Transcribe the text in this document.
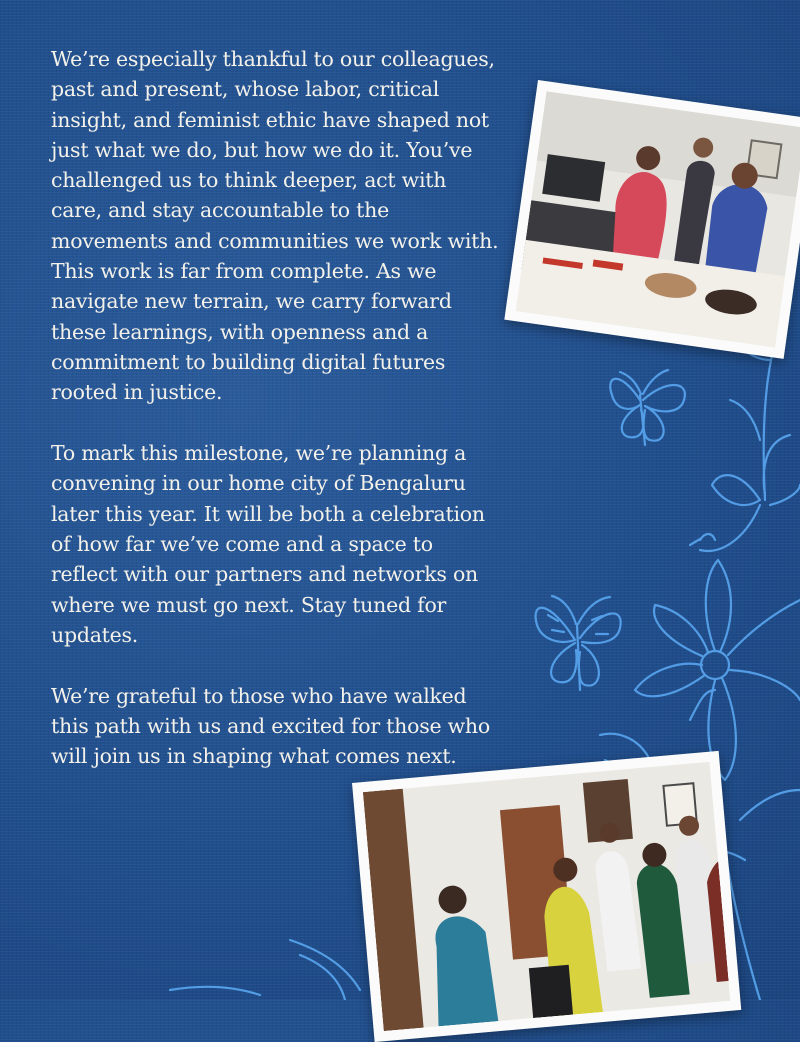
We’re especially thankful to our colleagues, past and present, whose labor, critical insight, and feminist ethic have shaped not just what we do, but how we do it. You’ve challenged us to think deeper, act with care, and stay accountable to the movements and communities we work with. This work is far from complete. As we navigate new terrain, we carry forward these learnings, with openness and a commitment to building digital futures rooted in justice.

To mark this milestone, we’re planning a convening in our home city of Bengaluru later this year. It will be both a celebration of how far we’ve come and a space to reflect with our partners and networks on where we must go next. Stay tuned for updates.

We’re grateful to those who have walked this path with us and excited for those who will join us in shaping what comes next.
